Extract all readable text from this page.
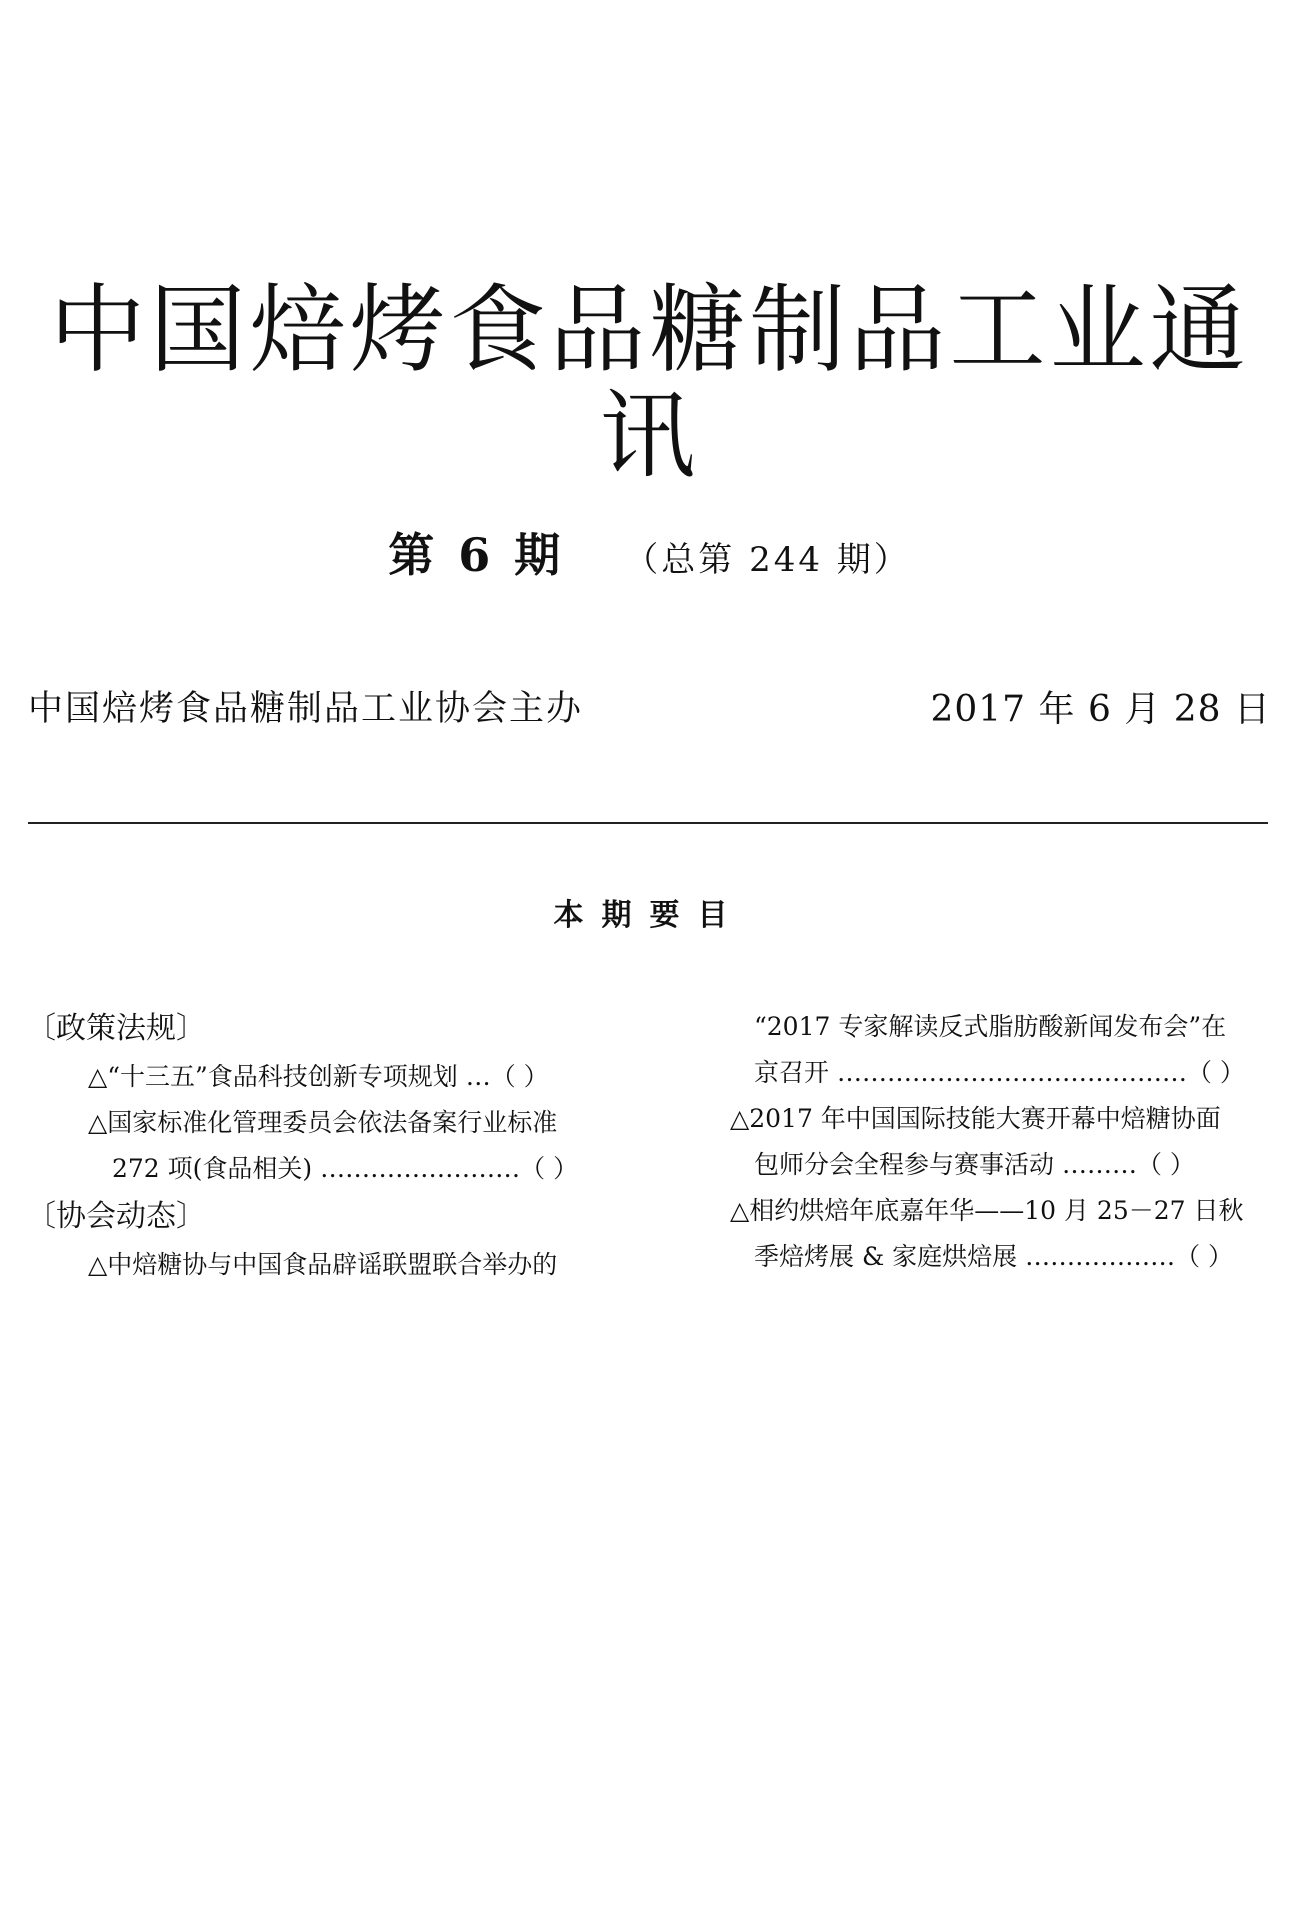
中国焙烤食品糖制品工业通讯
第 6 期 （总第 244 期）
中国焙烤食品糖制品工业协会主办	2017 年 6 月 28 日
本期要目
〔政策法规〕
△“十三五”食品科技创新专项规划 …（ ）
△国家标准化管理委员会依法备案行业标准
272 项(食品相关) ……………………（ ）
〔协会动态〕
△中焙糖协与中国食品辟谣联盟联合举办的
“2017 专家解读反式脂肪酸新闻发布会”在
京召开 ……………………………………（ ）
△2017 年中国国际技能大赛开幕中焙糖协面
包师分会全程参与赛事活动 ………（ ）
△相约烘焙年底嘉年华——10 月 25－27 日秋
季焙烤展 & 家庭烘焙展 ………………（ ）
